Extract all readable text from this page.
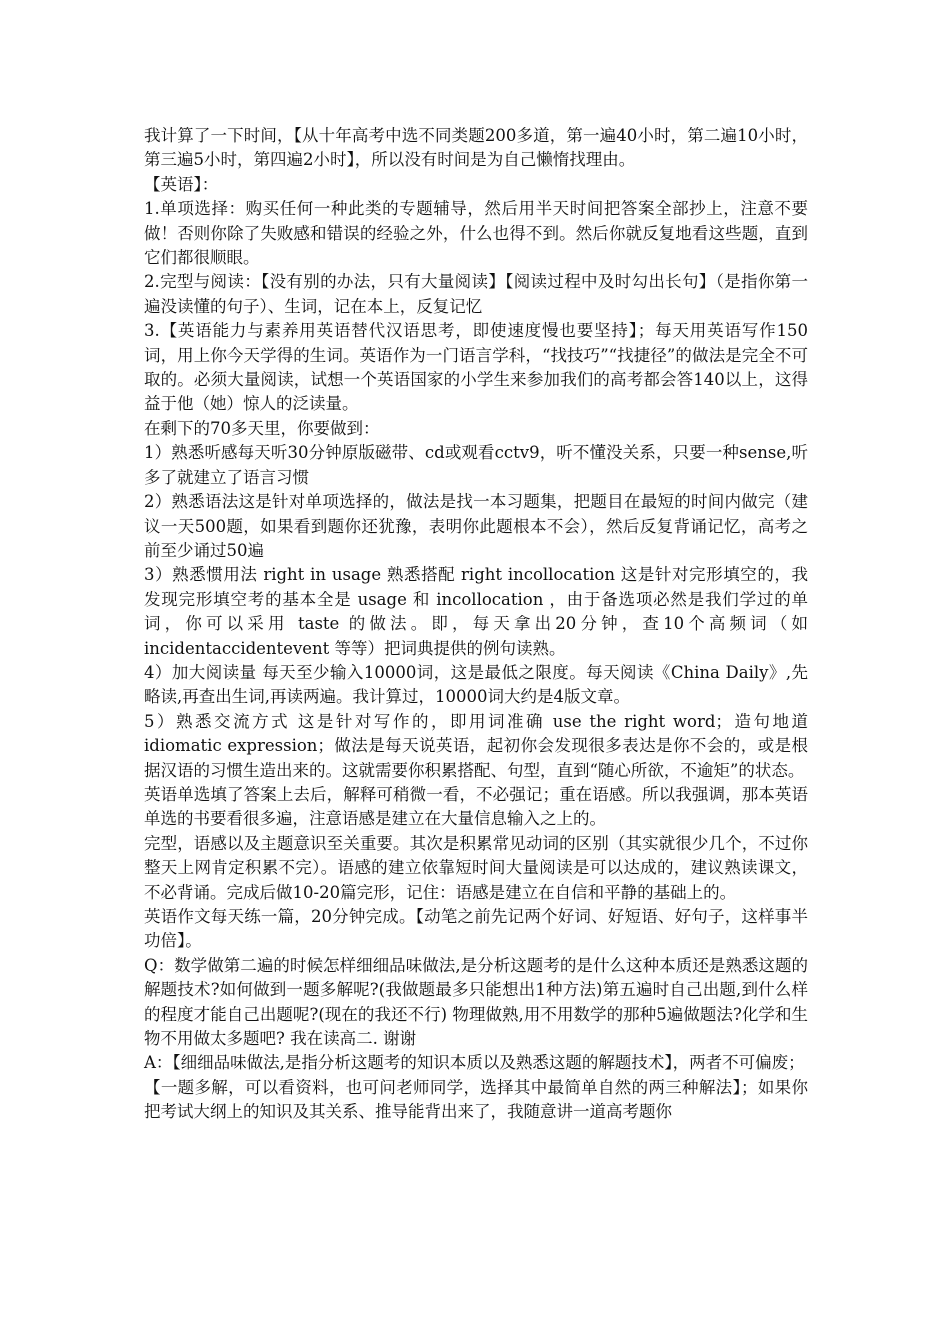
我计算了一下时间，【从十年高考中选不同类题200多道，第一遍40小时，第二遍10小时，第三遍5小时，第四遍2小时】，所以没有时间是为自己懒惰找理由。

【英语】：

1.单项选择：购买任何一种此类的专题辅导，然后用半天时间把答案全部抄上，注意不要做！否则你除了失败感和错误的经验之外，什么也得不到。然后你就反复地看这些题，直到它们都很顺眼。

2.完型与阅读：【没有别的办法，只有大量阅读】【阅读过程中及时勾出长句】（是指你第一遍没读懂的句子）、生词，记在本上，反复记忆

3.【英语能力与素养用英语替代汉语思考，即使速度慢也要坚持】；每天用英语写作150词，用上你今天学得的生词。英语作为一门语言学科，“找技巧”“找捷径”的做法是完全不可取的。必须大量阅读，试想一个英语国家的小学生来参加我们的高考都会答140以上，这得益于他（她）惊人的泛读量。

在剩下的70多天里，你要做到：

1）熟悉听感每天听30分钟原版磁带、cd或观看cctv9，听不懂没关系，只要一种sense,听多了就建立了语言习惯

2）熟悉语法这是针对单项选择的，做法是找一本习题集，把题目在最短的时间内做完（建议一天500题，如果看到题你还犹豫，表明你此题根本不会），然后反复背诵记忆，高考之前至少诵过50遍

3）熟悉惯用法 right in usage 熟悉搭配 right incollocation 这是针对完形填空的，我发现完形填空考的基本全是 usage 和 incollocation ，由于备选项必然是我们学过的单词，你可以采用 taste 的做法。即，每天拿出20分钟，查10个高频词（如 incidentaccidentevent 等等）把词典提供的例句读熟。

4）加大阅读量 每天至少输入10000词，这是最低之限度。每天阅读《China Daily》,先略读,再查出生词,再读两遍。我计算过，10000词大约是4版文章。

5）熟悉交流方式 这是针对写作的，即用词准确 use the right word；造句地道 idiomatic expression；做法是每天说英语，起初你会发现很多表达是你不会的，或是根据汉语的习惯生造出来的。这就需要你积累搭配、句型，直到“随心所欲，不逾矩”的状态。

英语单选填了答案上去后，解释可稍微一看，不必强记；重在语感。所以我强调，那本英语单选的书要看很多遍，注意语感是建立在大量信息输入之上的。

完型，语感以及主题意识至关重要。其次是积累常见动词的区别（其实就很少几个，不过你整天上网肯定积累不完）。语感的建立依靠短时间大量阅读是可以达成的，建议熟读课文，不必背诵。完成后做10-20篇完形，记住：语感是建立在自信和平静的基础上的。

英语作文每天练一篇，20分钟完成。【动笔之前先记两个好词、好短语、好句子，这样事半功倍】。

Q：数学做第二遍的时候怎样细细品味做法,是分析这题考的是什么这种本质还是熟悉这题的解题技术?如何做到一题多解呢?(我做题最多只能想出1种方法)第五遍时自己出题,到什么样的程度才能自己出题呢?(现在的我还不行) 物理做熟,用不用数学的那种5遍做题法?化学和生物不用做太多题吧? 我在读高二. 谢谢

A：【细细品味做法,是指分析这题考的知识本质以及熟悉这题的解题技术】，两者不可偏废；

【一题多解，可以看资料，也可问老师同学，选择其中最简单自然的两三种解法】；如果你把考试大纲上的知识及其关系、推导能背出来了，我随意讲一道高考题你
